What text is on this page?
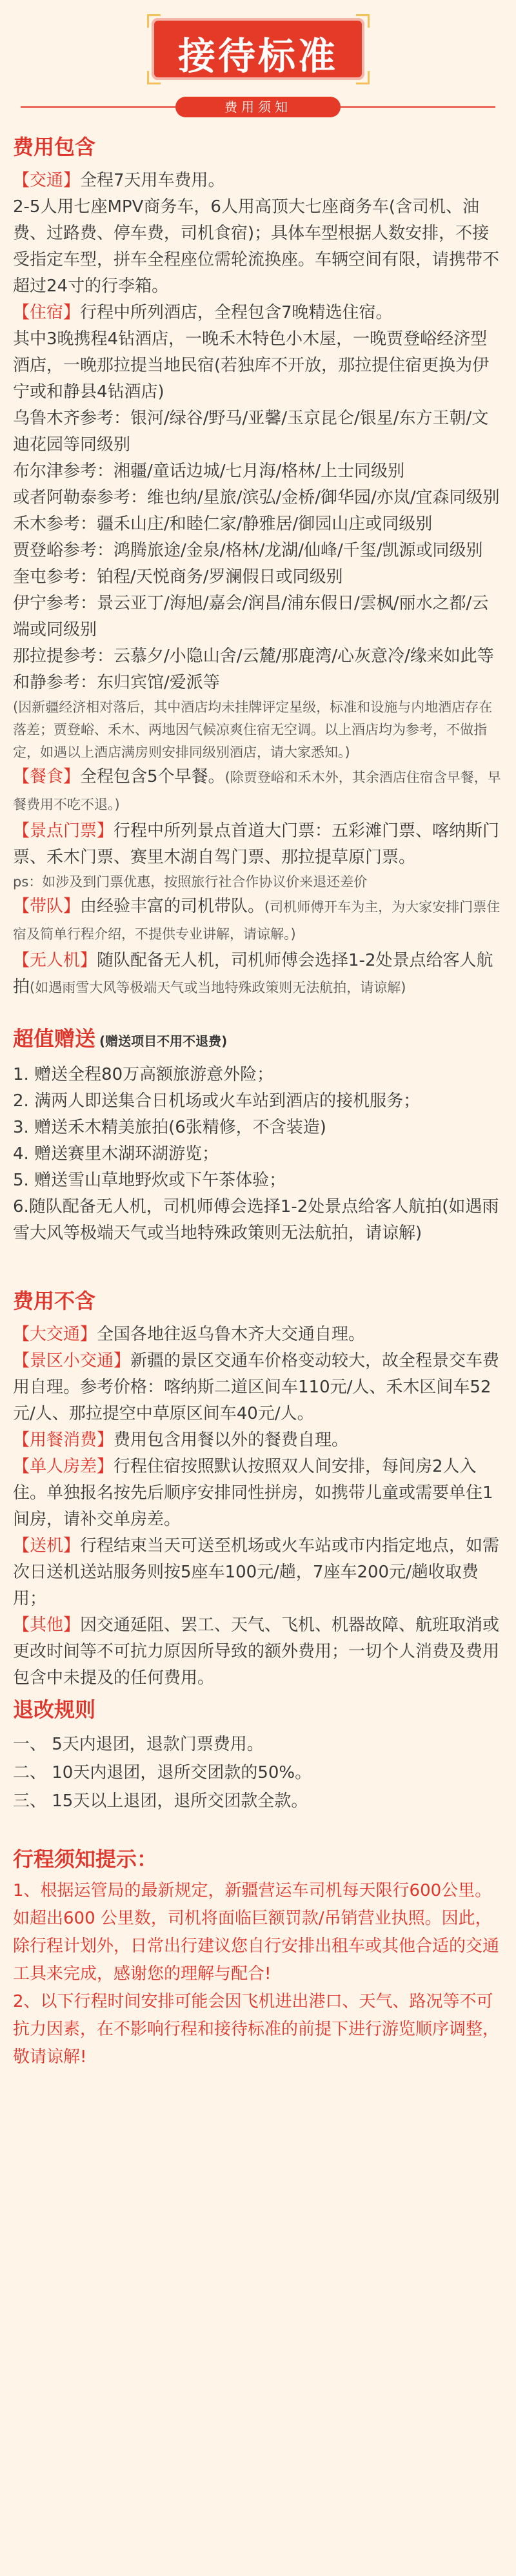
接待标准
费用须知
费用包含

【交通】全程7天用车费用。

2-5人用七座MPV商务车，6人用高顶大七座商务车(含司机、油费、过路费、停车费，司机食宿)；具体车型根据人数安排，不接受指定车型，拼车全程座位需轮流换座。车辆空间有限，请携带不超过24寸的行李箱。

【住宿】行程中所列酒店，全程包含7晚精选住宿。

其中3晚携程4钻酒店，一晚禾木特色小木屋，一晚贾登峪经济型酒店，一晚那拉提当地民宿(若独库不开放，那拉提住宿更换为伊宁或和静县4钻酒店)

乌鲁木齐参考：银河/绿谷/野马/亚馨/玉京昆仑/银星/东方王朝/文迪花园等同级别

布尔津参考：湘疆/童话边城/七月海/格林/上士同级别

或者阿勒泰参考：维也纳/星旅/滨弘/金桥/御华园/亦岚/宜森同级别

禾木参考：疆禾山庄/和睦仁家/静雅居/御园山庄或同级别

贾登峪参考：鸿腾旅途/金泉/格林/龙湖/仙峰/千玺/凯源或同级别

奎屯参考：铂程/天悦商务/罗澜假日或同级别

伊宁参考：景云亚丁/海旭/嘉会/润昌/浦东假日/雲枫/丽水之都/云端或同级别

那拉提参考：云慕夕/小隐山舍/云麓/那鹿湾/心灰意冷/缘来如此等

和静参考：东归宾馆/爱派等

(因新疆经济相对落后，其中酒店均未挂牌评定星级，标准和设施与内地酒店存在落差；贾登峪、禾木、两地因气候凉爽住宿无空调。以上酒店均为参考，不做指定，如遇以上酒店满房则安排同级别酒店，请大家悉知。)

【餐食】全程包含5个早餐。(除贾登峪和禾木外，其余酒店住宿含早餐，早餐费用不吃不退。)

【景点门票】行程中所列景点首道大门票：五彩滩门票、喀纳斯门票、禾木门票、赛里木湖自驾门票、那拉提草原门票。

ps：如涉及到门票优惠，按照旅行社合作协议价来退还差价

【带队】由经验丰富的司机带队。(司机师傅开车为主，为大家安排门票住宿及简单行程介绍，不提供专业讲解，请谅解。)

【无人机】随队配备无人机，司机师傅会选择1-2处景点给客人航拍(如遇雨雪大风等极端天气或当地特殊政策则无法航拍，请谅解)

超值赠送 (赠送项目不用不退费)

1. 赠送全程80万高额旅游意外险；

2. 满两人即送集合日机场或火车站到酒店的接机服务；

3. 赠送禾木精美旅拍(6张精修，不含装造)

4. 赠送赛里木湖环湖游览；

5. 赠送雪山草地野炊或下午茶体验；

6.随队配备无人机，司机师傅会选择1-2处景点给客人航拍(如遇雨雪大风等极端天气或当地特殊政策则无法航拍，请谅解)

费用不含

【大交通】全国各地往返乌鲁木齐大交通自理。

【景区小交通】新疆的景区交通车价格变动较大，故全程景交车费用自理。参考价格：喀纳斯二道区间车110元/人、禾木区间车52元/人、那拉提空中草原区间车40元/人。

【用餐消费】费用包含用餐以外的餐费自理。

【单人房差】行程住宿按照默认按照双人间安排，每间房2人入住。单独报名按先后顺序安排同性拼房，如携带儿童或需要单住1间房，请补交单房差。

【送机】行程结束当天可送至机场或火车站或市内指定地点，如需次日送机送站服务则按5座车100元/趟，7座车200元/趟收取费用；

【其他】因交通延阻、罢工、天气、飞机、机器故障、航班取消或更改时间等不可抗力原因所导致的额外费用；一切个人消费及费用包含中未提及的任何费用。

退改规则

一、 5天内退团，退款门票费用。

二、 10天内退团，退所交团款的50%。

三、 15天以上退团，退所交团款全款。

行程须知提示：

1、根据运管局的最新规定，新疆营运车司机每天限行600公里。如超出600 公里数，司机将面临巨额罚款/吊销营业执照。因此，除行程计划外，日常出行建议您自行安排出租车或其他合适的交通工具来完成，感谢您的理解与配合!

2、以下行程时间安排可能会因飞机进出港口、天气、路况等不可抗力因素，在不影响行程和接待标准的前提下进行游览顺序调整，敬请谅解!
